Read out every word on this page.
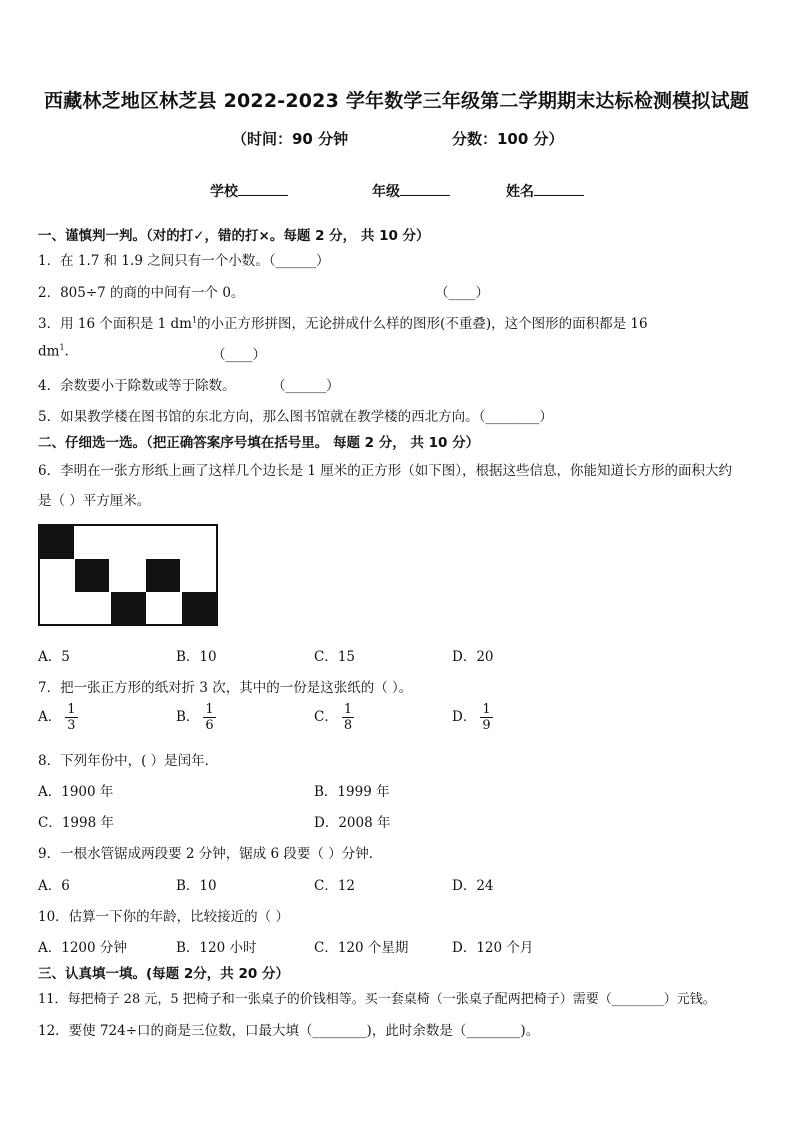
西藏林芝地区林芝县 2022-2023 学年数学三年级第二学期期末达标检测模拟试题
（时间：90 分钟	分数：100 分）
学校	年级	姓名
一、谨慎判一判。（对的打✓，错的打×。每题 2 分， 共 10 分）
1．在 1.7 和 1.9 之间只有一个小数。（______）
2．805÷7 的商的中间有一个 0。	（____）
3．用 16 个面积是 1 $dm^1$的小正方形拼图，无论拼成什么样的图形(不重叠)，这个图形的面积都是 16
$dm^1$.	（____）
4．余数要小于除数或等于除数。	（______）
5．如果教学楼在图书馆的东北方向，那么图书馆就在教学楼的西北方向。（________）
二、仔细选一选。（把正确答案序号填在括号里。 每题 2 分， 共 10 分）
6．李明在一张方形纸上画了这样几个边长是 1 厘米的正方形（如下图），根据这些信息，你能知道长方形的面积大约
是（ ）平方厘米。
A．5	B．10	C．15	D．20
7．把一张正方形的纸对折 3 次，其中的一份是这张纸的（ ）。
A． $\frac{1}{3}$	B． $\frac{1}{6}$	C． $\frac{1}{8}$	D． $\frac{1}{9}$
8．下列年份中，( ）是闰年．
A．1900 年	B．1999 年
C．1998 年	D．2008 年
9．一根水管锯成两段要 2 分钟，锯成 6 段要（ ）分钟．
A．6	B．10	C．12	D．24
10．估算一下你的年龄，比较接近的（ ）
A．1200 分钟	B．120 小时	C．120 个星期	D．120 个月
三、认真填一填。(每题 2分，共 20 分）
11．每把椅子 28 元，5 把椅子和一张桌子的价钱相等。买一套桌椅（一张桌子配两把椅子）需要（________）元钱。
12．要使 724÷口的商是三位数，口最大填（________)，此时余数是（________)。
